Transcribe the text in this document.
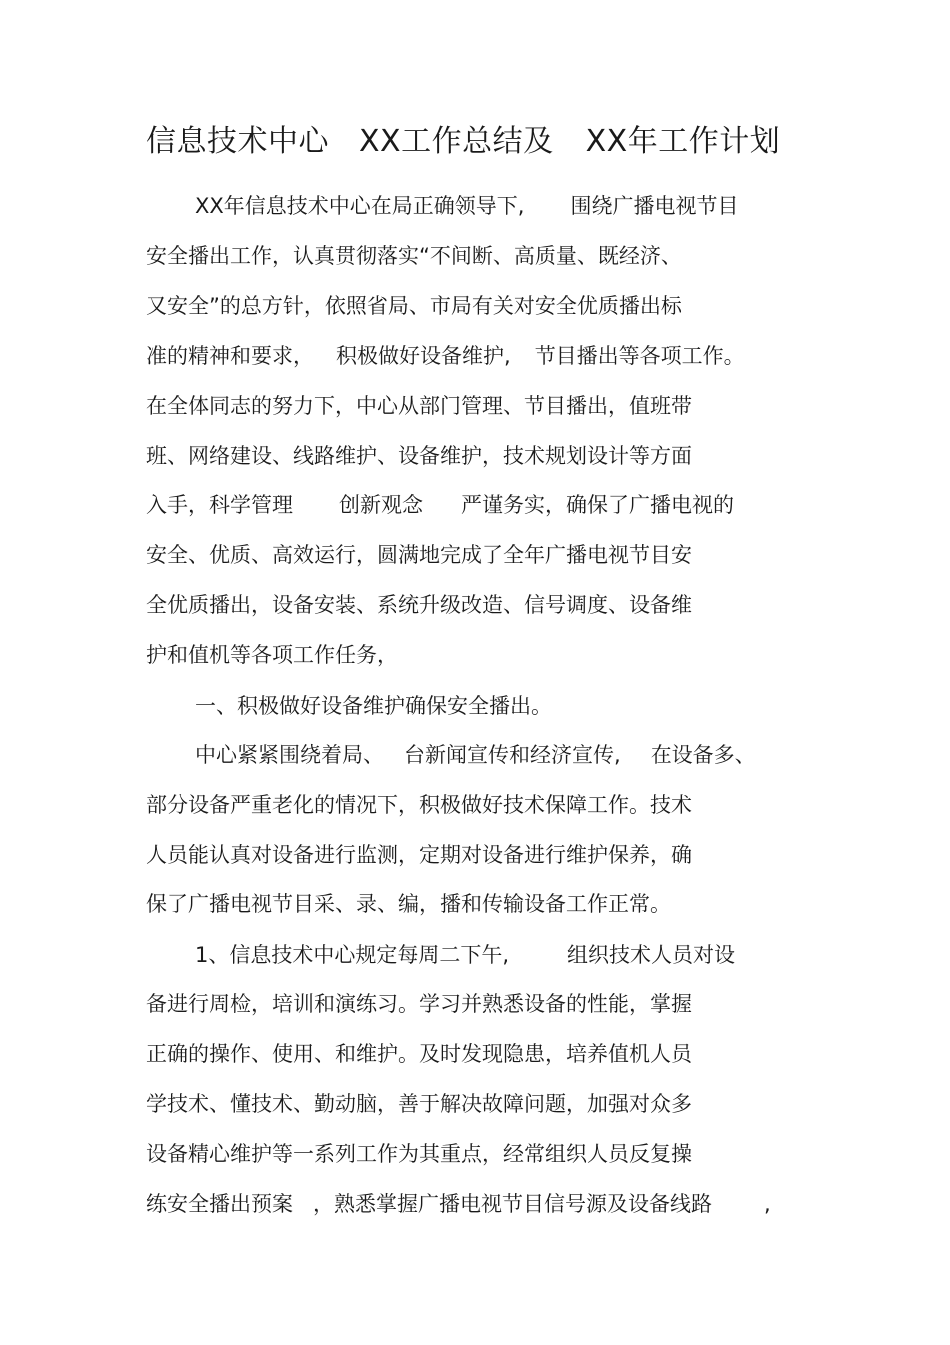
信息技术中心 XX工作总结及 XX年工作计划

XX年信息技术中心在局正确领导下, 围绕广播电视节目

安全播出工作，认真贯彻落实“不间断、高质量、既经济、

又安全”的总方针，依照省局、市局有关对安全优质播出标

准的精神和要求， 积极做好设备维护, 节目播出等各项工作。

在全体同志的努力下，中心从部门管理、节目播出，值班带

班、网络建设、线路维护、设备维护，技术规划设计等方面

入手，科学管理 创新观念 严谨务实，确保了广播电视的

安全、优质、高效运行，圆满地完成了全年广播电视节目安

全优质播出，设备安装、系统升级改造、信号调度、设备维

护和值机等各项工作任务，

一、积极做好设备维护确保安全播出。

中心紧紧围绕着局、 台新闻宣传和经济宣传, 在设备多、

部分设备严重老化的情况下，积极做好技术保障工作。技术

人员能认真对设备进行监测，定期对设备进行维护保养，确

保了广播电视节目采、录、编，播和传输设备工作正常。

1、信息技术中心规定每周二下午,	组织技术人员对设

备进行周检，培训和演练习。学习并熟悉设备的性能，掌握

正确的操作、使用、和维护。及时发现隐患，培养值机人员

学技术、懂技术、勤动脑，善于解决故障问题，加强对众多

设备精心维护等一系列工作为其重点，经常组织人员反复操

练安全播出预案 ，熟悉掌握广播电视节目信号源及设备线路 ,
